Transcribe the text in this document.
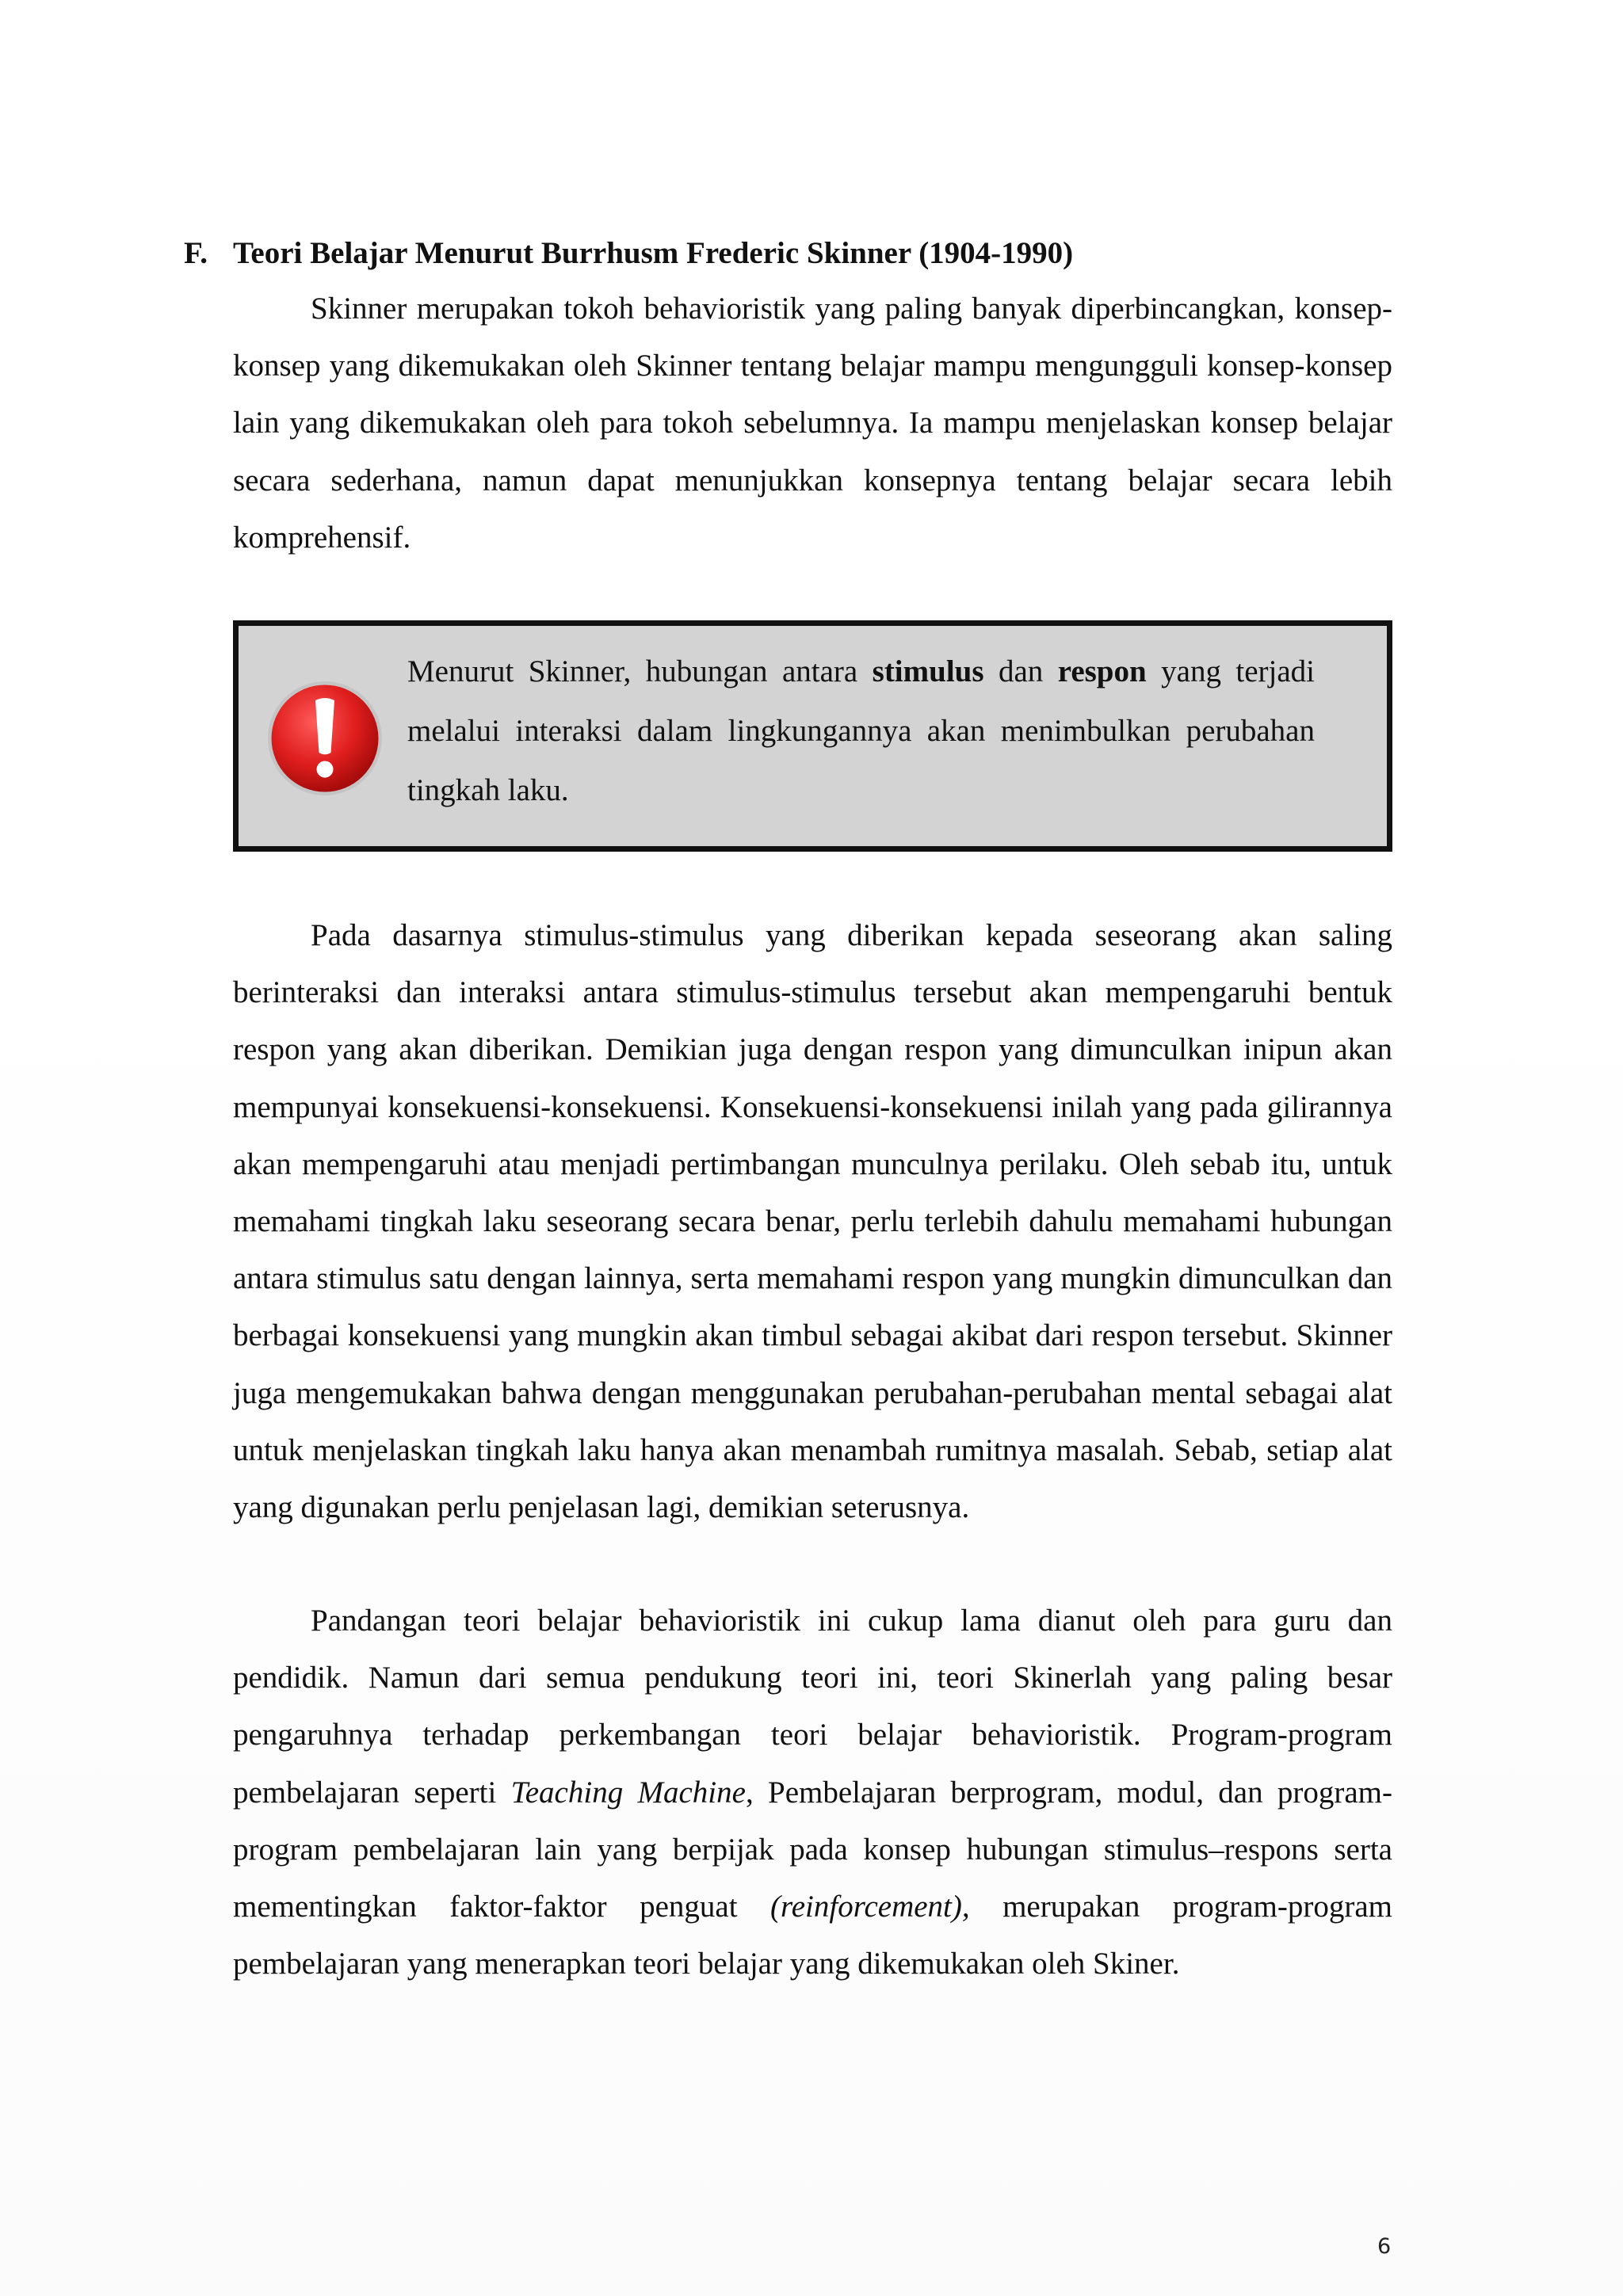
F. Teori Belajar Menurut Burrhusm Frederic Skinner (1904-1990)

Skinner merupakan tokoh behavioristik yang paling banyak diperbincangkan, konsep-konsep yang dikemukakan oleh Skinner tentang belajar mampu mengungguli konsep-konsep lain yang dikemukakan oleh para tokoh sebelumnya. Ia mampu menjelaskan konsep belajar secara sederhana, namun dapat menunjukkan konsepnya tentang belajar secara lebih komprehensif.

Menurut Skinner, hubungan antara stimulus dan respon yang terjadi melalui interaksi dalam lingkungannya akan menimbulkan perubahan tingkah laku.

Pada dasarnya stimulus-stimulus yang diberikan kepada seseorang akan saling berinteraksi dan interaksi antara stimulus-stimulus tersebut akan mempengaruhi bentuk respon yang akan diberikan. Demikian juga dengan respon yang dimunculkan inipun akan mempunyai konsekuensi-konsekuensi. Konsekuensi-konsekuensi inilah yang pada gilirannya akan mempengaruhi atau menjadi pertimbangan munculnya perilaku. Oleh sebab itu, untuk memahami tingkah laku seseorang secara benar, perlu terlebih dahulu memahami hubungan antara stimulus satu dengan lainnya, serta memahami respon yang mungkin dimunculkan dan berbagai konsekuensi yang mungkin akan timbul sebagai akibat dari respon tersebut. Skinner juga mengemukakan bahwa dengan menggunakan perubahan-perubahan mental sebagai alat untuk menjelaskan tingkah laku hanya akan menambah rumitnya masalah. Sebab, setiap alat yang digunakan perlu penjelasan lagi, demikian seterusnya.

Pandangan teori belajar behavioristik ini cukup lama dianut oleh para guru dan pendidik. Namun dari semua pendukung teori ini, teori Skinerlah yang paling besar pengaruhnya terhadap perkembangan teori belajar behavioristik. Program-program pembelajaran seperti Teaching Machine, Pembelajaran berprogram, modul, dan program-program pembelajaran lain yang berpijak pada konsep hubungan stimulus–respons serta mementingkan faktor-faktor penguat (reinforcement), merupakan program-program pembelajaran yang menerapkan teori belajar yang dikemukakan oleh Skiner.

6
